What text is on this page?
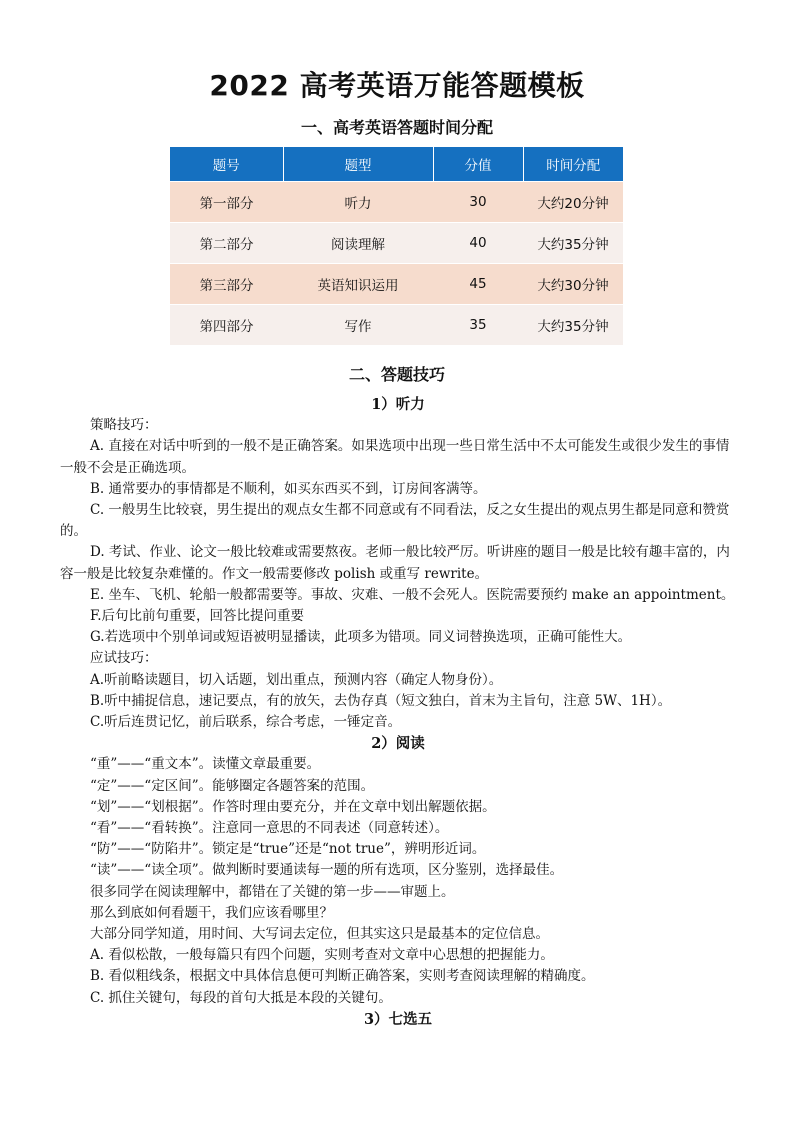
2022 高考英语万能答题模板
一、高考英语答题时间分配
题号	题型	分值	时间分配
第一部分	听力	30	大约20分钟
第二部分	阅读理解	40	大约35分钟
第三部分	英语知识运用	45	大约30分钟
第四部分	写作	35	大约35分钟
二、答题技巧

1）听力

策略技巧：

A. 直接在对话中听到的一般不是正确答案。如果选项中出现一些日常生活中不太可能发生或很少发生的事情一般不会是正确选项。

B. 通常要办的事情都是不顺利，如买东西买不到，订房间客满等。

C. 一般男生比较衰，男生提出的观点女生都不同意或有不同看法，反之女生提出的观点男生都是同意和赞赏的。

D. 考试、作业、论文一般比较难或需要熬夜。老师一般比较严厉。听讲座的题目一般是比较有趣丰富的，内容一般是比较复杂难懂的。作文一般需要修改 polish 或重写 rewrite。

E. 坐车、飞机、轮船一般都需要等。事故、灾难、一般不会死人。医院需要预约 make an appointment。

F.后句比前句重要，回答比提问重要

G.若选项中个别单词或短语被明显播读，此项多为错项。同义词替换选项，正确可能性大。

应试技巧：

A.听前略读题目，切入话题，划出重点，预测内容（确定人物身份）。

B.听中捕捉信息，速记要点，有的放矢，去伪存真（短文独白，首末为主旨句，注意 5W、1H）。

C.听后连贯记忆，前后联系，综合考虑，一锤定音。

2）阅读

“重”——“重文本”。读懂文章最重要。

“定”——“定区间”。能够圈定各题答案的范围。

“划”——“划根据”。作答时理由要充分，并在文章中划出解题依据。

“看”——“看转换”。注意同一意思的不同表述（同意转述）。

“防”——“防陷井”。锁定是“true”还是“not true”，辨明形近词。

“读”——“读全项”。做判断时要通读每一题的所有选项，区分鉴别，选择最佳。

很多同学在阅读理解中，都错在了关键的第一步——审题上。

那么到底如何看题干，我们应该看哪里？

大部分同学知道，用时间、大写词去定位，但其实这只是最基本的定位信息。

A. 看似松散，一般每篇只有四个问题，实则考查对文章中心思想的把握能力。

B. 看似粗线条，根据文中具体信息便可判断正确答案，实则考查阅读理解的精确度。

C. 抓住关键句，每段的首句大抵是本段的关键句。

3）七选五
